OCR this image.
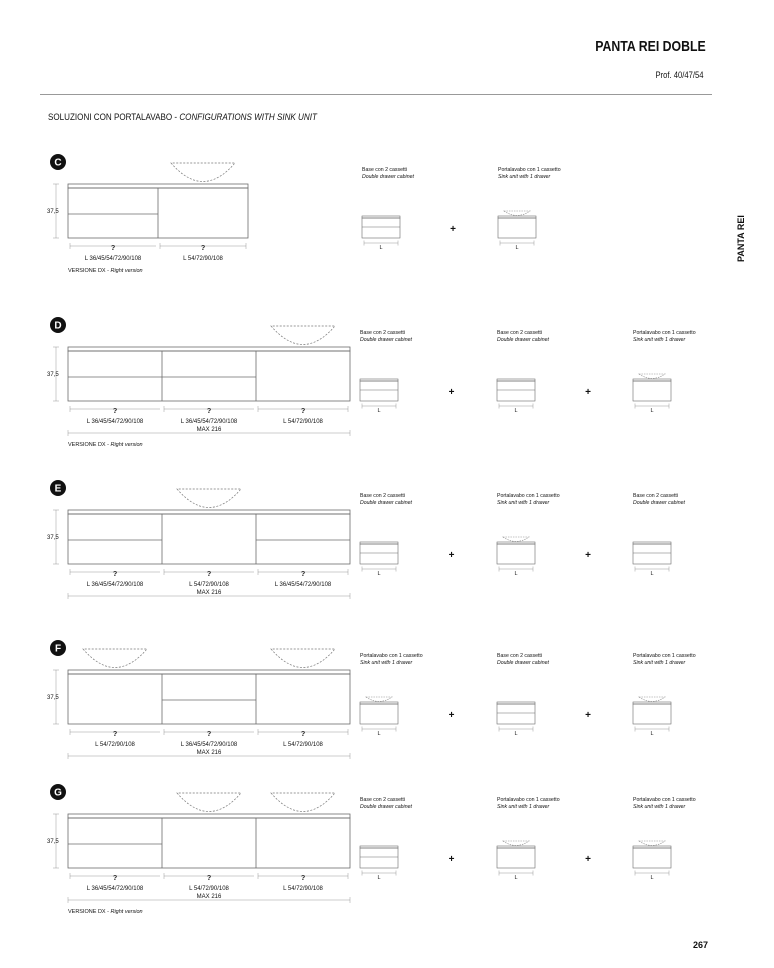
PANTA REI DOBLE
Prof. 40/47/54
SOLUZIONI CON PORTALAVABO - CONFIGURATIONS WITH SINK UNIT
PANTA REI
267
C
?
L 36/45/54/72/90/108
?
L 54/72/90/108
37,5
VERSIONE DX - Right version
Base con 2 cassetti
Double drawer cabinet
L
+
Portalavabo con 1 cassetto
Sink unit with 1 drawer
L
D
?
L 36/45/54/72/90/108
?
L 36/45/54/72/90/108
?
L 54/72/90/108
37,5
MAX 216
VERSIONE DX - Right version
Base con 2 cassetti
Double drawer cabinet
L
+
Base con 2 cassetti
Double drawer cabinet
L
+
Portalavabo con 1 cassetto
Sink unit with 1 drawer
L
E
?
L 36/45/54/72/90/108
?
L 54/72/90/108
?
L 36/45/54/72/90/108
37,5
MAX 216
Base con 2 cassetti
Double drawer cabinet
L
+
Portalavabo con 1 cassetto
Sink unit with 1 drawer
L
+
Base con 2 cassetti
Double drawer cabinet
L
F
?
L 54/72/90/108
?
L 36/45/54/72/90/108
?
L 54/72/90/108
37,5
MAX 216
Portalavabo con 1 cassetto
Sink unit with 1 drawer
L
+
Base con 2 cassetti
Double drawer cabinet
L
+
Portalavabo con 1 cassetto
Sink unit with 1 drawer
L
G
?
L 36/45/54/72/90/108
?
L 54/72/90/108
?
L 54/72/90/108
37,5
MAX 216
VERSIONE DX - Right version
Base con 2 cassetti
Double drawer cabinet
L
+
Portalavabo con 1 cassetto
Sink unit with 1 drawer
L
+
Portalavabo con 1 cassetto
Sink unit with 1 drawer
L
